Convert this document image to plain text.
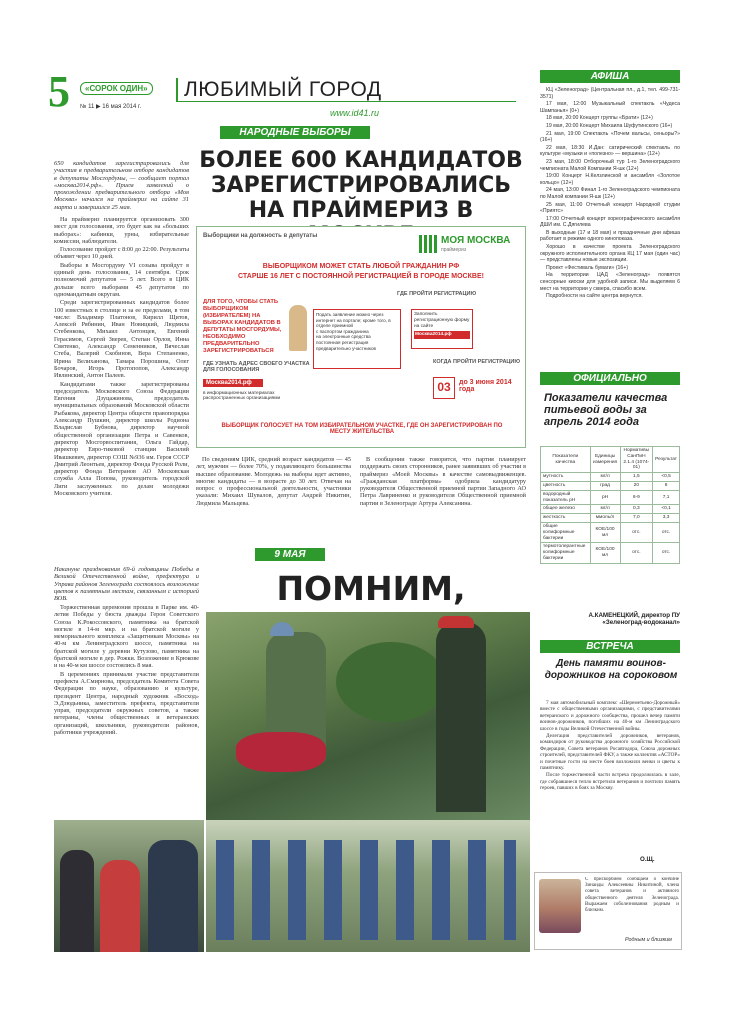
5	«СОРОК ОДИН»
№ 11 ▶ 16 мая 2014 г.
ЛЮБИМЫЙ ГОРОД
www.id41.ru
НАРОДНЫЕ ВЫБОРЫ
БОЛЕЕ 600 КАНДИДАТОВ
ЗАРЕГИСТРИРОВАЛИСЬ
НА ПРАЙМЕРИЗ В
650 кандидатов зарегистрировались для участия в предварительном отборе кандидатов в депутаты Мосгордумы, — сообщает портал «москва2014.рф». Прием заявлений о прохождении предварительного отбора «Моя Москва» начался на праймериз на сайте 31 марта и завершился 25 мая.

На праймериз планируется организовать 300 мест для голосования, это будет как на «больших выборах»: кабинки, урны, избирательные комиссии, наблюдатели.

Голосование пройдет с 8:00 до 22:00. Результаты объявят через 10 дней.

Выборы в Мосгордуму VI созыва пройдут в единый день голосования, 14 сентября. Срок полномочий депутатов — 5 лет. Всего в ЦИК дольше всего выборами 45 депутатов по одномандатным округам.

Среди зарегистрированных кандидатов более 100 известных в столице и за ее пределами, в том числе: Владимир Платонов, Кирилл Щитов, Алексей Рябинин, Иван Новицкий, Людмила Стебенкова, Михаил Антонцев, Евгений Герасимов, Сергей Зверев, Степан Орлов, Инна Святенко, Александр Семенников, Вячеслав Стеба, Валерий Скобинов, Вера Степаненко, Ирина Велиханова, Тамара Порошина, Олег Бочаров, Игорь Протопопов, Александр Ивлинский, Антон Палеев.

Кандидатами также зарегистрированы председатель Московского Союза Федерации Евгения Дзуцажинова, председатель муниципальных образований Московской области Рыбакова, директор Центра обществ правопорядка Александр Пушкин, директор школы Родиона Владислав Бубнова, директор научной общественной организации Петра и Савенков, директор Мосгорвоспитания, Ольга Гайдар, директор Евро-тиковой станции Василий Ивашкевич, директор СОШ №936 им. Героя СССР Дмитрий Леонтьев, директор Фонда Русской Роли, директор Фонда Ветеранов АО Московская служба Алла Попова, руководитель городской Лиги заслуженных по делам молодежи Московского учителя.

Выборщики на должность в депутаты	МОЯ МОСКВА
праймериз
ВЫБОРЩИКОМ МОЖЕТ СТАТЬ ЛЮБОЙ ГРАЖДАНИН РФ
СТАРШЕ 16 ЛЕТ С ПОСТОЯННОЙ РЕГИСТРАЦИЕЙ В ГОРОДЕ МОСКВЕ!
ДЛЯ ТОГО, ЧТОБЫ СТАТЬ ВЫБОРЩИКОМ (ИЗБИРАТЕЛЕМ) НА ВЫБОРАХ КАНДИДАТОВ В ДЕПУТАТЫ МОСГОРДУМЫ, НЕОБХОДИМО ПРЕДВАРИТЕЛЬНО ЗАРЕГИСТРИРОВАТЬСЯ
ГДЕ ПРОЙТИ РЕГИСТРАЦИЮ
Подать заявление можно через интернет на портале; кроме того, в отделе приемной
с паспортом гражданина
на электронные средства
постоянная регистрация
предварительно участников
Заполнить регистрационную форму на сайте
Москва2014.рф
ГДЕ УЗНАТЬ АДРЕС СВОЕГО УЧАСТКА ДЛЯ ГОЛОСОВАНИЯ
Москва2014.рф
в информационных материалах распространенных организациями
КОГДА ПРОЙТИ РЕГИСТРАЦИЮ
03	до 3 июня 2014 года
ВЫБОРЩИК ГОЛОСУЕТ НА ТОМ ИЗБИРАТЕЛЬНОМ УЧАСТКЕ, ГДЕ ОН ЗАРЕГИСТРИРОВАН ПО МЕСТУ ЖИТЕЛЬСТВА

По сведениям ЦИК, средний возраст кандидатов — 45 лет, мужчин — более 70%, у подавляющего большинства высшее образование. Молодежь на выборы идет активно, многие кандидаты — в возрасте до 30 лет. Отвечая на вопрос о профессиональной деятельности, участники указали: Михаил Шувалов, депутат Андрей Никитин, Людмила Мальцева.

В сообщении также говорится, что партия планирует поддержать своих сторонников, ранее заявивших об участии в праймериз «Моей Москвы» в качестве самовыдвиженцев. «Гражданская платформа» одобрила кандидатуру руководителя Общественной приемной партии Западного АО Петра Лавриненко и руководителя Общественной приемной партии в Зеленограде Артура Алексанина.

9 МАЯ
Накануне празднования 69-й годовщины Победы в Великой Отечественной войне, префектура и Управа районов Зеленограда состоялось возложение цветов к памятным местам, связанным с историей ВОВ.	ПОМНИМ,

Торжественная церемония прошла в Парке им. 40-летия Победы у бюста дважды Героя Советского Союза К.Рокоссовского, памятника на братской могиле в 14-м мкр. и на братской могиле у мемориального комплекса «Защитникам Москвы» на 40-м км Ленинградского шоссе, памятника на братской могиле у деревни Кутузово, памятника на братской могиле в дер. Рожки. Возложение в Крюкове и на 40-м км шоссе состоялись 8 мая.

В церемониях принимали участие представители префекта А.Смирнова, председатель Комитета Совета Федерации по науке, образованию и культуре, президент Центра, народный художник «Восход» Э.Дзюдьника, заместитель префекта, представители управ, председатели окружных советов, а также ветераны, члены общественных и ветеранских организаций, школьники, руководители районов, работники учреждений.

АФИША

КЦ «Зеленоград» (Центральная пл., д.1, тел. 499-731-3571)

17 мая, 12:00 Музыкальный спектакль «Чудеса Шампанья» (0+)

18 мая, 20:00 Концерт группы «Брати» (12+)

19 мая, 20:00 Концерт Михаила Шуфутинского (16+)

21 мая, 19:00 Спектакль «Почем вальсы, сеньоры?» (16+)

22 мая, 18:30 И.Дан: сатирический спектакль по культуре «музыки и «полезно» — вершина» (12+)

23 мая, 18:00 Отборочный тур 1-го Зеленоградского чемпионата Малой Компании Я-шк (12+)

19:00 Концерт Н.Келзлинской и ансамбля «Золотое кольцо» (12+)

24 мая, 13:00 Финал 1-го Зеленоградского чемпионата по Малой компании Я-шк (12+)

25 мая, 11:00 Отчетный концерт Народной студии «Приятс»

17:00 Отчетный концерт хореографического ансамбля ДШИ им. С.Дягилева

В выходные (17 и 18 мая) и праздничные дни афиша работает в режиме одного кинопоказа.

Хорошо в качестве проекта Зеленоградского окружного исполнительного органа КЦ 17 мая (один час) — представлены новые экспозиции.

Проект «Фестиваль бумаги» (16+)

На территории ЦАД «Зеленоград» появятся сенсорные киоски для удобной записи. Мы выделяем 6 мест на территории у сквера, спасибо всем.

Подробности на сайте центра вернутся.

ОФИЦИАЛЬНО
Показатели качества питьевой воды за апрель 2014 года
Показатели качества	Единицы измерения	Нормативы СанПиН 2.1.4 (1074-01)	Результат
мутность	мг/л	1,5	<0,5
цветность	град	20	8
водородный показатель рН	рН	6-9	7,1
общее железо	мг/л	0,3	<0,1
жесткость	ммоль/л	7,0	3,3
общие колиформные бактерии	КОЕ/100 мл	отс.	отс.
термотолерантные колиформные бактерии	КОЕ/100 мл	отс.	отс.
А.КАМЕНЕЦКИЙ, директор ПУ «Зеленоград-водоканал»
ВСТРЕЧА
День памяти воинов-дорожников на сороковом

7 мая автомобильный комплекс «Шереметьево-Дорожный» вместе с общественными организациями, с представителями ветеранского и дорожного сообщества, прошел вечер памяти воинов-дорожников, погибших на 40-м км Ленинградского шоссе в годы Великой Отечественной войны.

Делегация представителей дорожников, ветеранов, командиров от руководства дорожного хозяйства Российской Федерации, Совета ветеранов Росавтодора, Союза дорожных строителей, представителей ФКУ, а также коллектив «АСТОР» и почетные гости на месте боев возложили венки и цветы к памятнику.

После торжественной части встреча продолжилась в зале, где собравшиеся тепло встретили ветеранов и почтили память героев, павших в боях за Москву.

О.Щ.
С прискорбием сообщаем о кончине Зинаиды Алексеевны Никитиной, члена совета ветеранов и активного общественного деятеля Зеленограда. Выражаем соболезнования родным и близким.
Родным и близким
